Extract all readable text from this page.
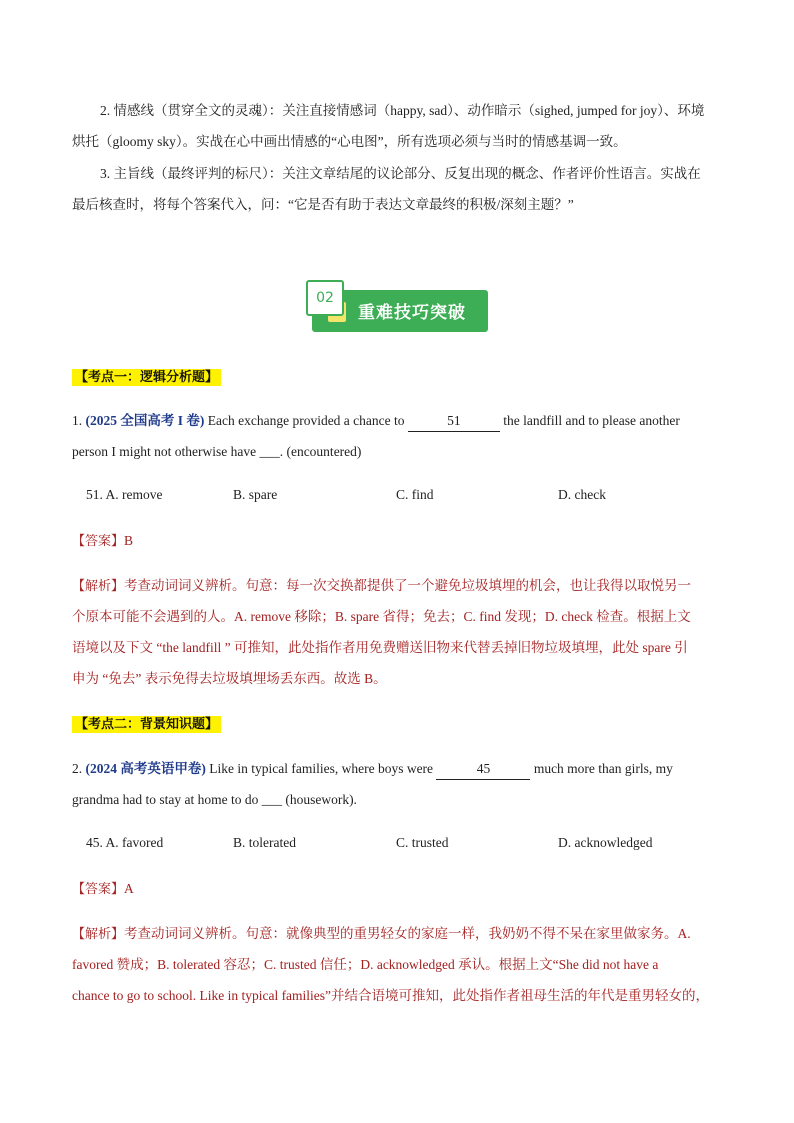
2. 情感线（贯穿全文的灵魂）：关注直接情感词（happy, sad）、动作暗示（sighed, jumped for joy）、环境
烘托（gloomy sky）。实战在心中画出情感的“心电图”，所有选项必须与当时的情感基调一致。
3. 主旨线（最终评判的标尺）：关注文章结尾的议论部分、反复出现的概念、作者评价性语言。实战在
最后核查时，将每个答案代入，问：“它是否有助于表达文章最终的积极/深刻主题？”
02
重难技巧突破
【考点一：逻辑分析题】
1. (2025 全国高考 I 卷) Each exchange provided a chance to	51	the landfill and to please another
person I might not otherwise have ___. (encountered)
51. A. remove	B. spare	C. find	D. check
【答案】B
【解析】考查动词词义辨析。句意：每一次交换都提供了一个避免垃圾填埋的机会，也让我得以取悦另一
个原本可能不会遇到的人。A. remove 移除；B. spare 省得；免去；C. find 发现；D. check 检查。根据上文
语境以及下文 “the landfill ” 可推知，此处指作者用免费赠送旧物来代替丢掉旧物垃圾填埋，此处 spare 引
申为 “免去” 表示免得去垃圾填埋场丢东西。故选 B。
【考点二：背景知识题】
2. (2024 高考英语甲卷) Like in typical families, where boys were	45	much more than girls, my
grandma had to stay at home to do ___ (housework).
45. A. favored	B. tolerated	C. trusted	D. acknowledged
【答案】A
【解析】考查动词词义辨析。句意：就像典型的重男轻女的家庭一样，我奶奶不得不呆在家里做家务。A.
favored 赞成；B. tolerated 容忍；C. trusted 信任；D. acknowledged 承认。根据上文“She did not have a
chance to go to school. Like in typical families”并结合语境可推知，此处指作者祖母生活的年代是重男轻女的，
